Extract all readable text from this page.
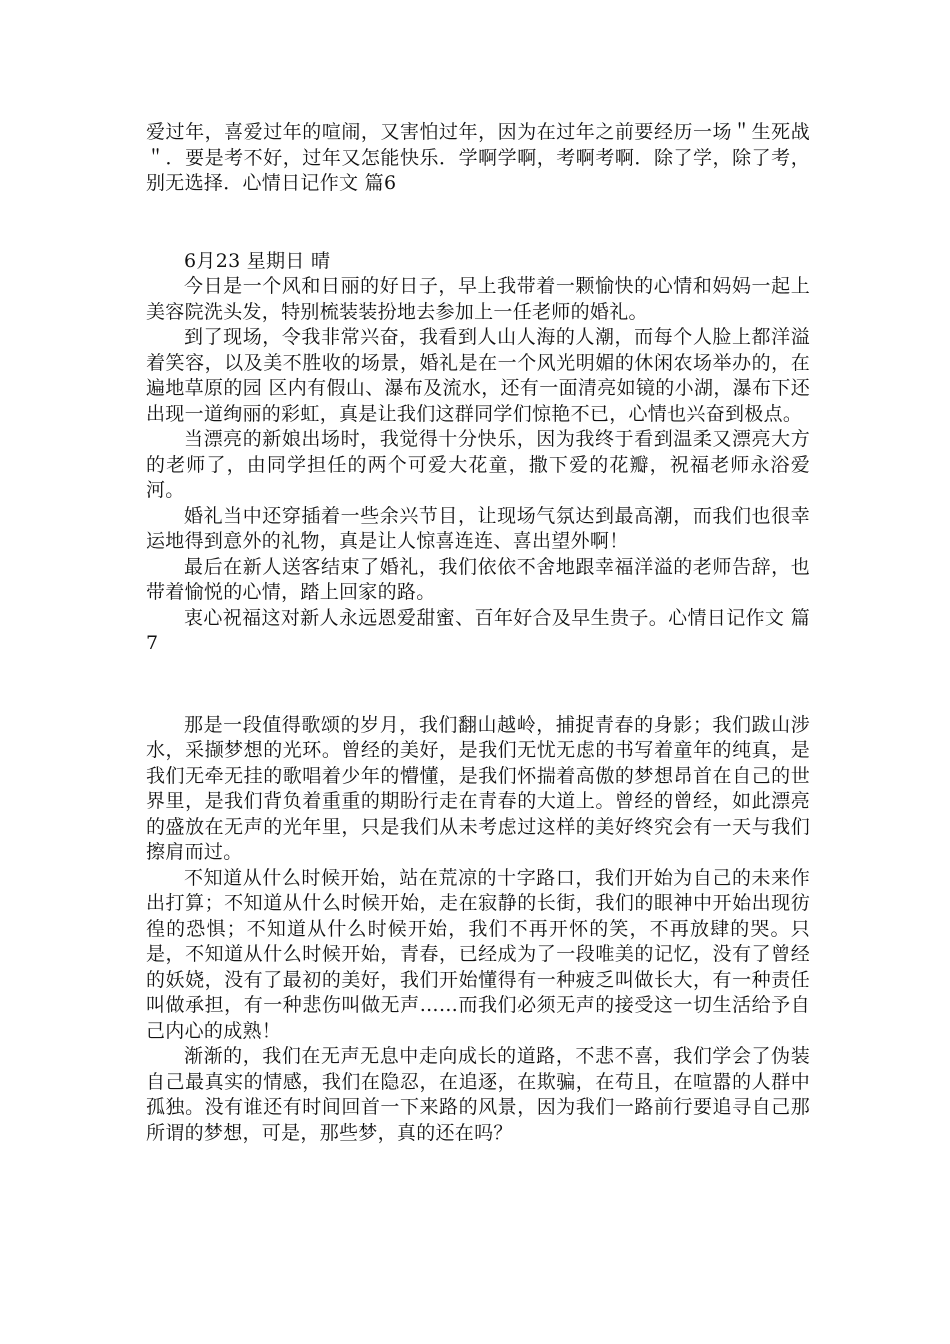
爱过年，喜爱过年的喧闹，又害怕过年，因为在过年之前要经历一场＂生死战＂．要是考不好，过年又怎能快乐．学啊学啊，考啊考啊．除了学，除了考，别无选择．心情日记作文 篇6

6月23 星期日 晴

今日是一个风和日丽的好日子，早上我带着一颗愉快的心情和妈妈一起上美容院洗头发，特别梳装装扮地去参加上一任老师的婚礼。

到了现场，令我非常兴奋，我看到人山人海的人潮，而每个人脸上都洋溢着笑容，以及美不胜收的场景，婚礼是在一个风光明媚的休闲农场举办的，在遍地草原的园 区内有假山、瀑布及流水，还有一面清亮如镜的小湖，瀑布下还出现一道绚丽的彩虹，真是让我们这群同学们惊艳不已，心情也兴奋到极点。

当漂亮的新娘出场时，我觉得十分快乐，因为我终于看到温柔又漂亮大方的老师了，由同学担任的两个可爱大花童，撒下爱的花瓣，祝福老师永浴爱河。

婚礼当中还穿插着一些余兴节目，让现场气氛达到最高潮，而我们也很幸运地得到意外的礼物，真是让人惊喜连连、喜出望外啊！

最后在新人送客结束了婚礼，我们依依不舍地跟幸福洋溢的老师告辞，也带着愉悦的心情，踏上回家的路。

衷心祝福这对新人永远恩爱甜蜜、百年好合及早生贵子。心情日记作文 篇7

那是一段值得歌颂的岁月，我们翻山越岭，捕捉青春的身影；我们跋山涉水，采撷梦想的光环。曾经的美好，是我们无忧无虑的书写着童年的纯真，是我们无牵无挂的歌唱着少年的懵懂，是我们怀揣着高傲的梦想昂首在自己的世界里，是我们背负着重重的期盼行走在青春的大道上。曾经的曾经，如此漂亮的盛放在无声的光年里，只是我们从未考虑过这样的美好终究会有一天与我们擦肩而过。

不知道从什么时候开始，站在荒凉的十字路口，我们开始为自己的未来作出打算；不知道从什么时候开始，走在寂静的长街，我们的眼神中开始出现彷徨的恐惧；不知道从什么时候开始，我们不再开怀的笑，不再放肆的哭。只是，不知道从什么时候开始，青春，已经成为了一段唯美的记忆，没有了曾经的妖娆，没有了最初的美好，我们开始懂得有一种疲乏叫做长大，有一种责任叫做承担，有一种悲伤叫做无声……而我们必须无声的接受这一切生活给予自己内心的成熟！

渐渐的，我们在无声无息中走向成长的道路，不悲不喜，我们学会了伪装自己最真实的情感，我们在隐忍，在追逐，在欺骗，在苟且，在喧嚣的人群中孤独。没有谁还有时间回首一下来路的风景，因为我们一路前行要追寻自己那所谓的梦想，可是，那些梦，真的还在吗？
